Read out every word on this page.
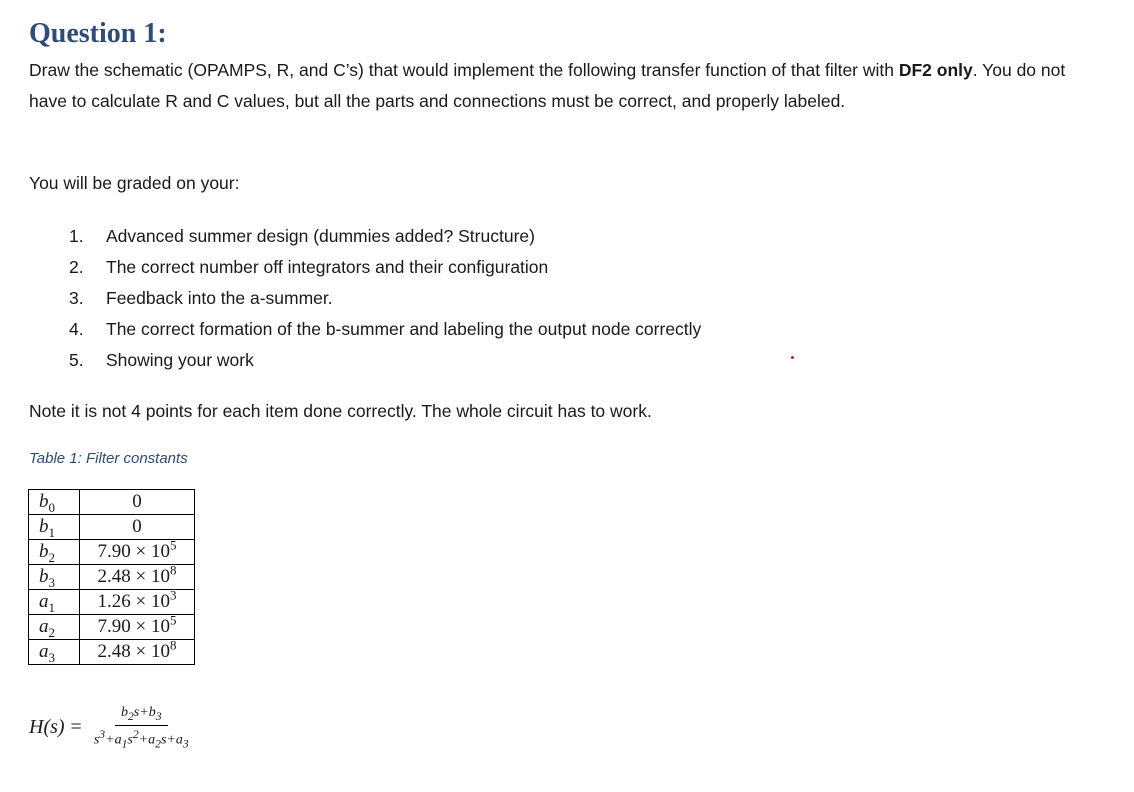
Question 1:

Draw the schematic (OPAMPS, R, and C’s) that would implement the following transfer function of that filter with DF2 only. You do not have to calculate R and C values, but all the parts and connections must be correct, and properly labeled.

You will be graded on your:

1.	Advanced summer design (dummies added? Structure)
2.	The correct number off integrators and their configuration
3.	Feedback into the a-summer.
4.	The correct formation of the b-summer and labeling the output node correctly
5.	Showing your work

Note it is not 4 points for each item done correctly. The whole circuit has to work.

Table 1: Filter constants

$b_0$	0
$b_1$	0
$b_2$	$7.90 \times 10^5$
$b_3$	$2.48 \times 10^8$
$a_1$	$1.26 \times 10^3$
$a_2$	$7.90 \times 10^5$
$a_3$	$2.48 \times 10^8$
$H(s) = \frac{b_2s+b_3}{s^3+a_1s^2+a_2s+a_3}$
